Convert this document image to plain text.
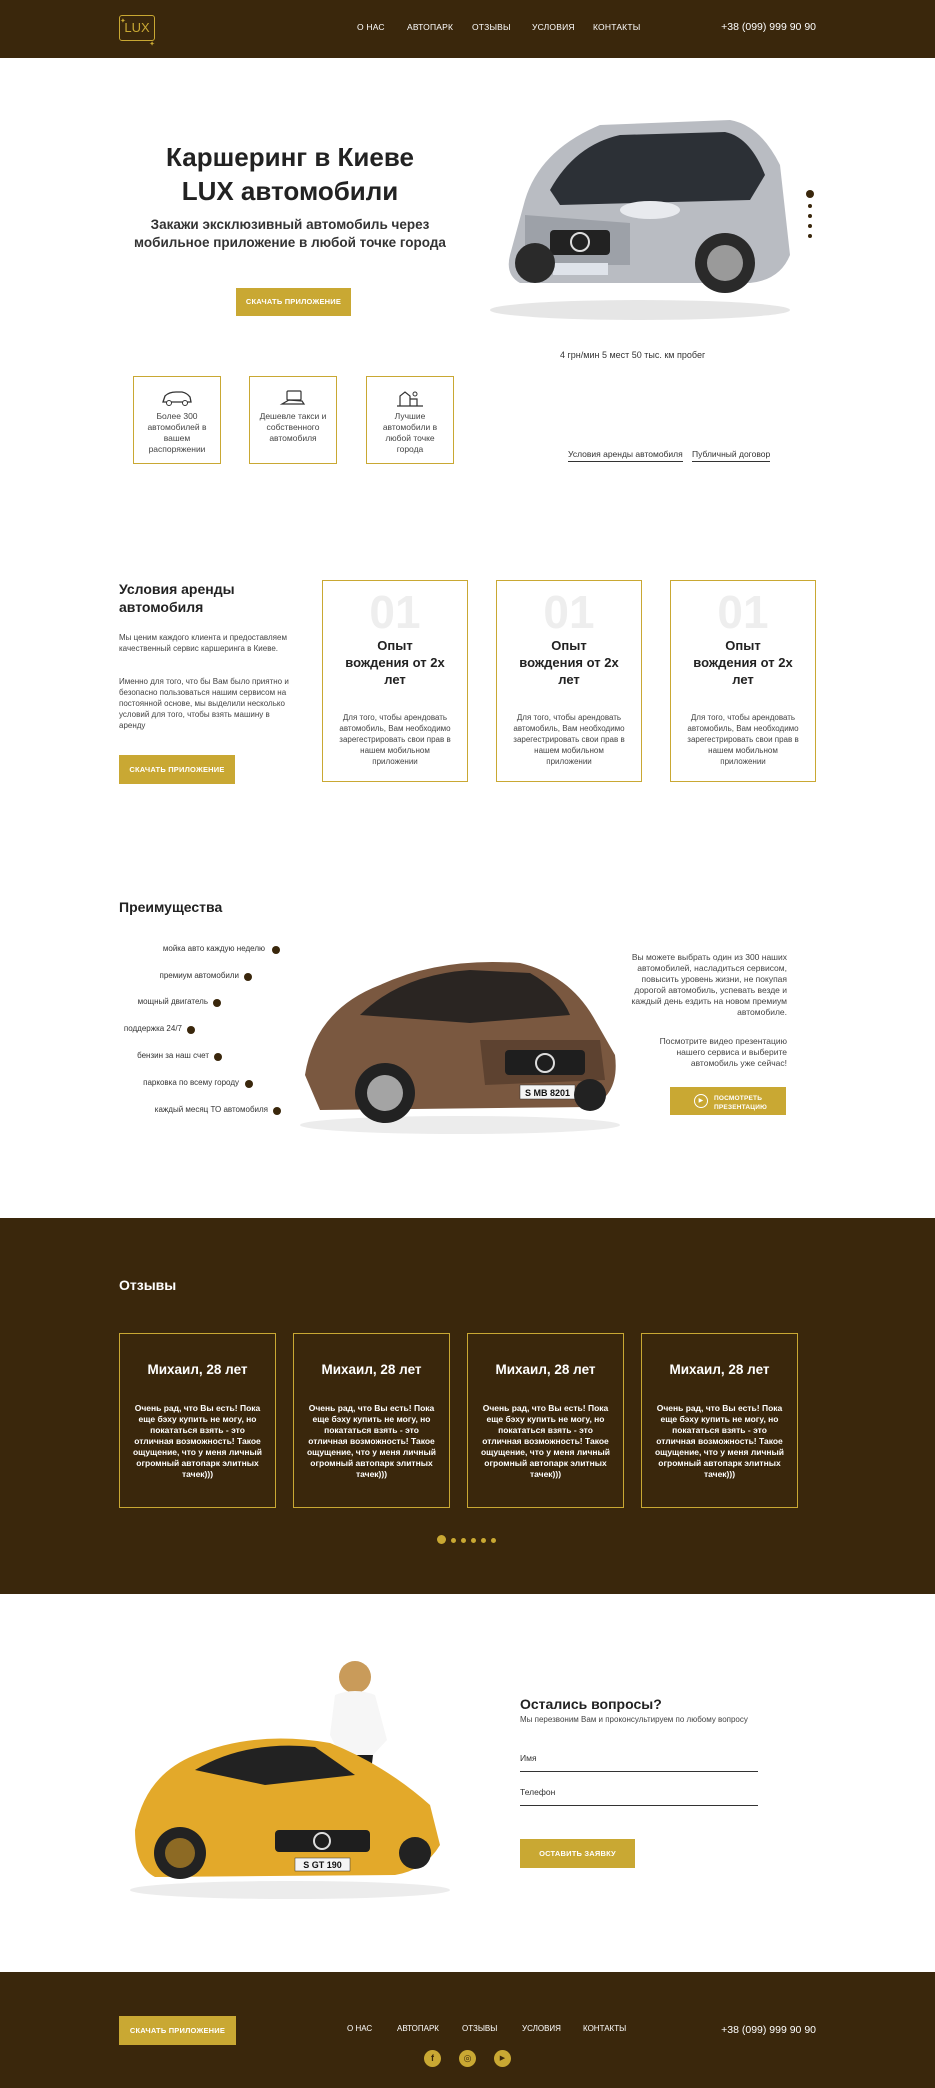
LUX
✦
✦
О НАС	АВТОПАРК ОТЗЫВЫ УСЛОВИЯ КОНТАКТЫ	+38 (099) 999 90 90
Каршеринг в Киеве
LUX автомобили
Закажи эксклюзивный автомобиль через
мобильное приложение в любой точке города
СКАЧАТЬ ПРИЛОЖЕНИЕ
4 грн/мин 5 мест 50 тыс. км пробег
Более 300 автомобилей в вашем распоряжении
Дешевле такси и собственного автомобиля
Лучшие автомобили в любой точке города	Условия аренды автомобиля Публичный договор
Условия аренды автомобиля
Мы ценим каждого клиента и предоставляем качественный сервис каршеринга в Киеве.
Именно для того, что бы Вам было приятно и безопасно пользоваться нашим сервисом на постоянной основе, мы выделили несколько условий для того, чтобы взять машину в аренду
СКАЧАТЬ ПРИЛОЖЕНИЕ
01
Опыт вождения от 2х лет
Для того, чтобы арендовать автомобиль, Вам необходимо зарегестрировать свои прав в нашем мобильном приложении
01
Опыт вождения от 2х лет
Для того, чтобы арендовать автомобиль, Вам необходимо зарегестрировать свои прав в нашем мобильном приложении
01
Опыт вождения от 2х лет
Для того, чтобы арендовать автомобиль, Вам необходимо зарегестрировать свои прав в нашем мобильном приложении
Преимущества
мойка авто каждую неделю
премиум автомобили
мощный двигатель
поддержка 24/7
бензин за наш счет
парковка по всему городу
каждый месяц ТО автомобиля
S MB 8201
Вы можете выбрать один из 300 наших автомобилей, насладиться сервисом, повысить уровень жизни, не покупая дорогой автомобиль, успевать везде и каждый день ездить на новом премиум автомобиле.
Посмотрите видео презентацию нашего сервиса и выберите автомобиль уже сейчас!
▶	ПОСМОТРЕТЬ ПРЕЗЕНТАЦИЮ
Отзывы
Михаил, 28 лет
Очень рад, что Вы есть! Пока еще бэху купить не могу, но покататься взять - это отличная возможность! Такое ощущение, что у меня личный огромный автопарк элитных тачек)))
Михаил, 28 лет
Очень рад, что Вы есть! Пока еще бэху купить не могу, но покататься взять - это отличная возможность! Такое ощущение, что у меня личный огромный автопарк элитных тачек)))
Михаил, 28 лет
Очень рад, что Вы есть! Пока еще бэху купить не могу, но покататься взять - это отличная возможность! Такое ощущение, что у меня личный огромный автопарк элитных тачек)))
Михаил, 28 лет
Очень рад, что Вы есть! Пока еще бэху купить не могу, но покататься взять - это отличная возможность! Такое ощущение, что у меня личный огромный автопарк элитных тачек)))
S GT 190
Остались вопросы?
Мы перезвоним Вам и проконсультируем по любому вопросу
Имя
Телефон
ОСТАВИТЬ ЗАЯВКУ
СКАЧАТЬ ПРИЛОЖЕНИЕ	О НАС	АВТОПАРК	ОТЗЫВЫ	УСЛОВИЯ	КОНТАКТЫ	+38 (099) 999 90 90
f	◎	▶
